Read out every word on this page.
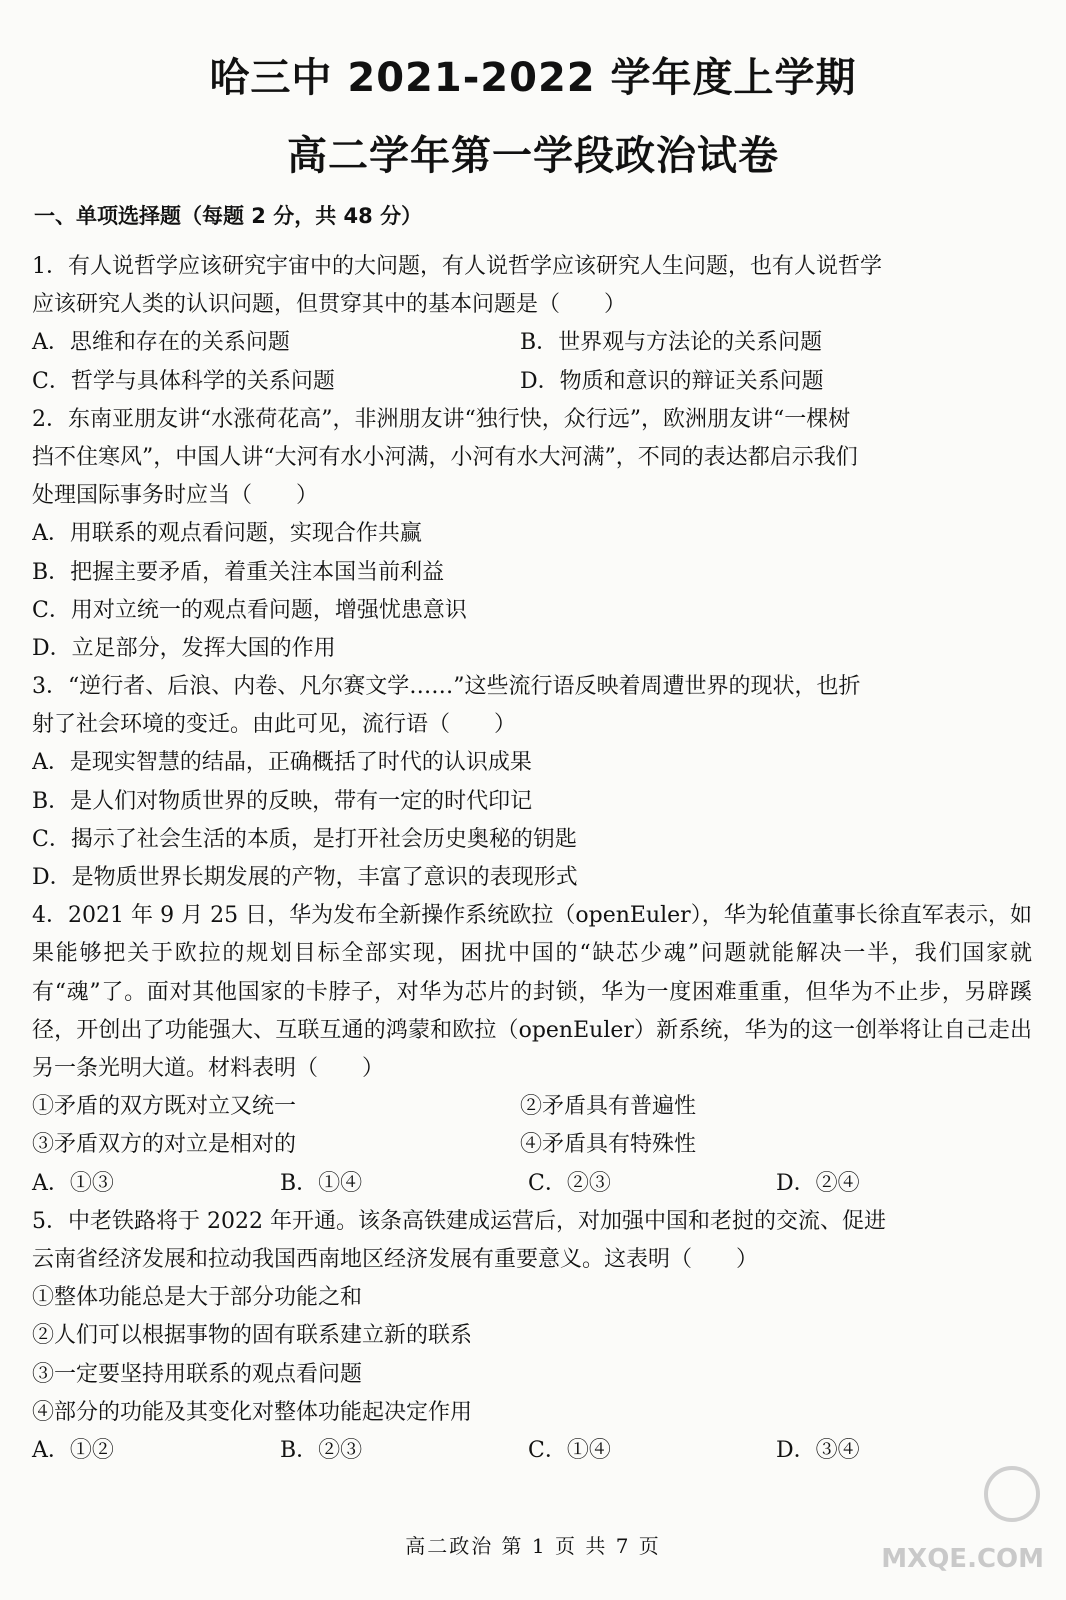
哈三中 2021-2022 学年度上学期
高二学年第一学段政治试卷
一、单项选择题（每题 2 分，共 48 分）
1．有人说哲学应该研究宇宙中的大问题，有人说哲学应该研究人生问题，也有人说哲学
应该研究人类的认识问题，但贯穿其中的基本问题是（　　）
A．思维和存在的关系问题	B．世界观与方法论的关系问题
C．哲学与具体科学的关系问题	D．物质和意识的辩证关系问题
2．东南亚朋友讲“水涨荷花高”，非洲朋友讲“独行快，众行远”，欧洲朋友讲“一棵树
挡不住寒风”，中国人讲“大河有水小河满，小河有水大河满”，不同的表达都启示我们
处理国际事务时应当（　　）
A．用联系的观点看问题，实现合作共赢
B．把握主要矛盾，着重关注本国当前利益
C．用对立统一的观点看问题，增强忧患意识
D．立足部分，发挥大国的作用
3．“逆行者、后浪、内卷、凡尔赛文学……”这些流行语反映着周遭世界的现状，也折
射了社会环境的变迁。由此可见，流行语（　　）
A．是现实智慧的结晶，正确概括了时代的认识成果
B．是人们对物质世界的反映，带有一定的时代印记
C．揭示了社会生活的本质，是打开社会历史奥秘的钥匙
D．是物质世界长期发展的产物，丰富了意识的表现形式
4．2021 年 9 月 25 日，华为发布全新操作系统欧拉（openEuler），华为轮值董事长徐直军表示，如果能够把关于欧拉的规划目标全部实现，困扰中国的“缺芯少魂”问题就能解决一半，我们国家就有“魂”了。面对其他国家的卡脖子，对华为芯片的封锁，华为一度困难重重，但华为不止步，另辟蹊径，开创出了功能强大、互联互通的鸿蒙和欧拉（openEuler）新系统，华为的这一创举将让自己走出另一条光明大道。材料表明（　　）
①矛盾的双方既对立又统一	②矛盾具有普遍性
③矛盾双方的对立是相对的	④矛盾具有特殊性
A．①③	B．①④	C．②③	D．②④
5．中老铁路将于 2022 年开通。该条高铁建成运营后，对加强中国和老挝的交流、促进
云南省经济发展和拉动我国西南地区经济发展有重要意义。这表明（　　）
①整体功能总是大于部分功能之和
②人们可以根据事物的固有联系建立新的联系
③一定要坚持用联系的观点看问题
④部分的功能及其变化对整体功能起决定作用
A．①②	B．②③	C．①④	D．③④
高二政治 第 1 页 共 7 页	MXQE.COM
